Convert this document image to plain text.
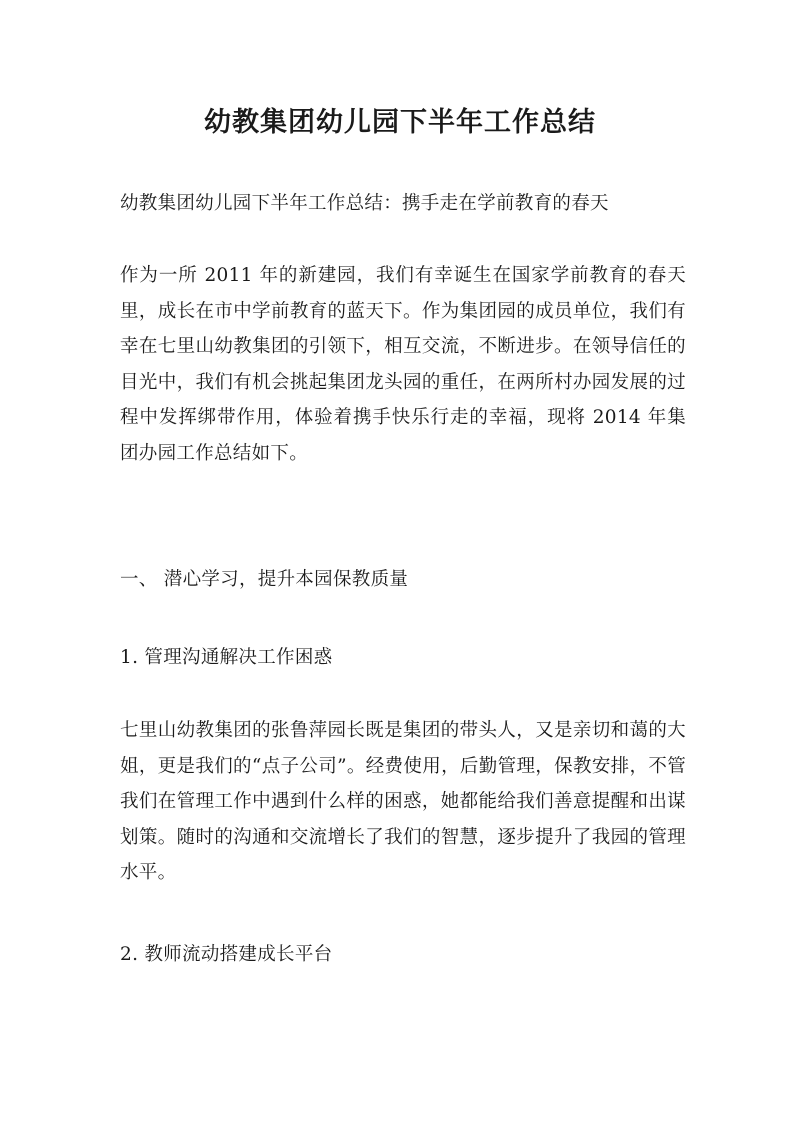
幼教集团幼儿园下半年工作总结

幼教集团幼儿园下半年工作总结：携手走在学前教育的春天

作为一所 2011 年的新建园，我们有幸诞生在国家学前教育的春天里，成长在市中学前教育的蓝天下。作为集团园的成员单位，我们有幸在七里山幼教集团的引领下，相互交流，不断进步。在领导信任的目光中，我们有机会挑起集团龙头园的重任，在两所村办园发展的过程中发挥绑带作用，体验着携手快乐行走的幸福，现将 2014 年集团办园工作总结如下。

一、 潜心学习，提升本园保教质量

1. 管理沟通解决工作困惑

七里山幼教集团的张鲁萍园长既是集团的带头人，又是亲切和蔼的大姐，更是我们的“点子公司”。经费使用，后勤管理，保教安排，不管我们在管理工作中遇到什么样的困惑，她都能给我们善意提醒和出谋划策。随时的沟通和交流增长了我们的智慧，逐步提升了我园的管理水平。

2. 教师流动搭建成长平台
